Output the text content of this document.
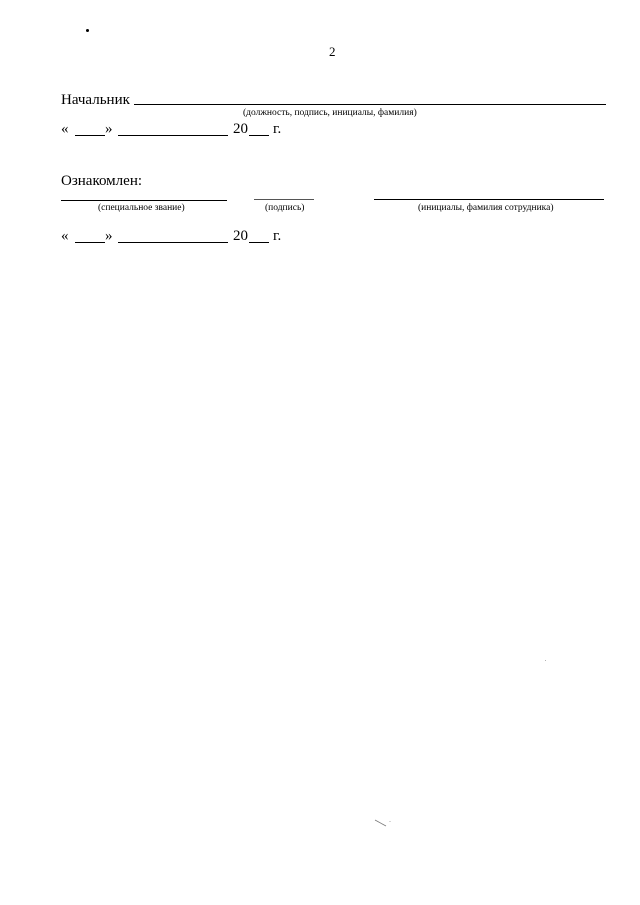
2
Начальник
(должность, подпись, инициалы, фамилия)
« »	20 г.
Ознакомлен:
(специальное звание)	(подпись)	(инициалы, фамилия сотрудника)
« »	20 г.
